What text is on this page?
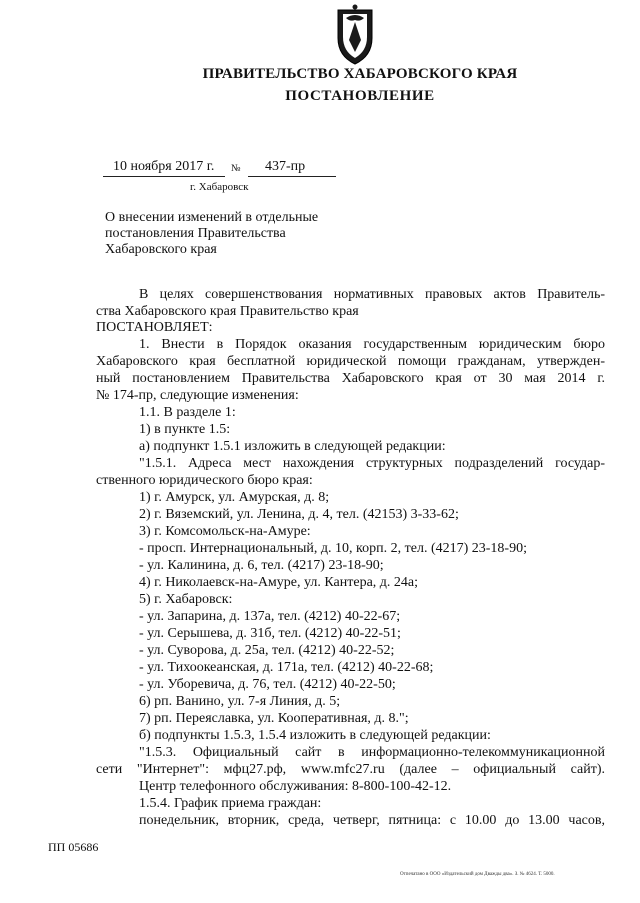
ПРАВИТЕЛЬСТВО ХАБАРОВСКОГО КРАЯ
ПОСТАНОВЛЕНИЕ
10 ноября 2017 г. № 437-пр
г. Хабаровск
О внесении изменений в отдельные постановления Правительства Хабаровского края
В целях совершенствования нормативных правовых актов Правитель-
ства Хабаровского края Правительство края
ПОСТАНОВЛЯЕТ:
1. Внести в Порядок оказания государственным юридическим бюро
Хабаровского края бесплатной юридической помощи гражданам, утвержден-
ный постановлением Правительства Хабаровского края от 30 мая 2014 г.
№ 174-пр, следующие изменения:
1.1. В разделе 1:
1) в пункте 1.5:
а) подпункт 1.5.1 изложить в следующей редакции:
"1.5.1. Адреса мест нахождения структурных подразделений государ-
ственного юридического бюро края:
1) г. Амурск, ул. Амурская, д. 8;
2) г. Вяземский, ул. Ленина, д. 4, тел. (42153) 3-33-62;
3) г. Комсомольск-на-Амуре:
- просп. Интернациональный, д. 10, корп. 2, тел. (4217) 23-18-90;
- ул. Калинина, д. 6, тел. (4217) 23-18-90;
4) г. Николаевск-на-Амуре, ул. Кантера, д. 24а;
5) г. Хабаровск:
- ул. Запарина, д. 137а, тел. (4212) 40-22-67;
- ул. Серышева, д. 31б, тел. (4212) 40-22-51;
- ул. Суворова, д. 25а, тел. (4212) 40-22-52;
- ул. Тихоокеанская, д. 171а, тел. (4212) 40-22-68;
- ул. Уборевича, д. 76, тел. (4212) 40-22-50;
6) рп. Ванино, ул. 7-я Линия, д. 5;
7) рп. Переяславка, ул. Кооперативная, д. 8.";
б) подпункты 1.5.3, 1.5.4 изложить в следующей редакции:
"1.5.3. Официальный сайт в информационно-телекоммуникационной
сети "Интернет": мфц27.рф, www.mfc27.ru (далее – официальный сайт).
Центр телефонного обслуживания: 8-800-100-42-12.
1.5.4. График приема граждан:
понедельник, вторник, среда, четверг, пятница: с 10.00 до 13.00 часов,
ПП 05686
Отпечатано в ООО «Издательский дом Дважды два». З. № 4624. Т. 5000.
